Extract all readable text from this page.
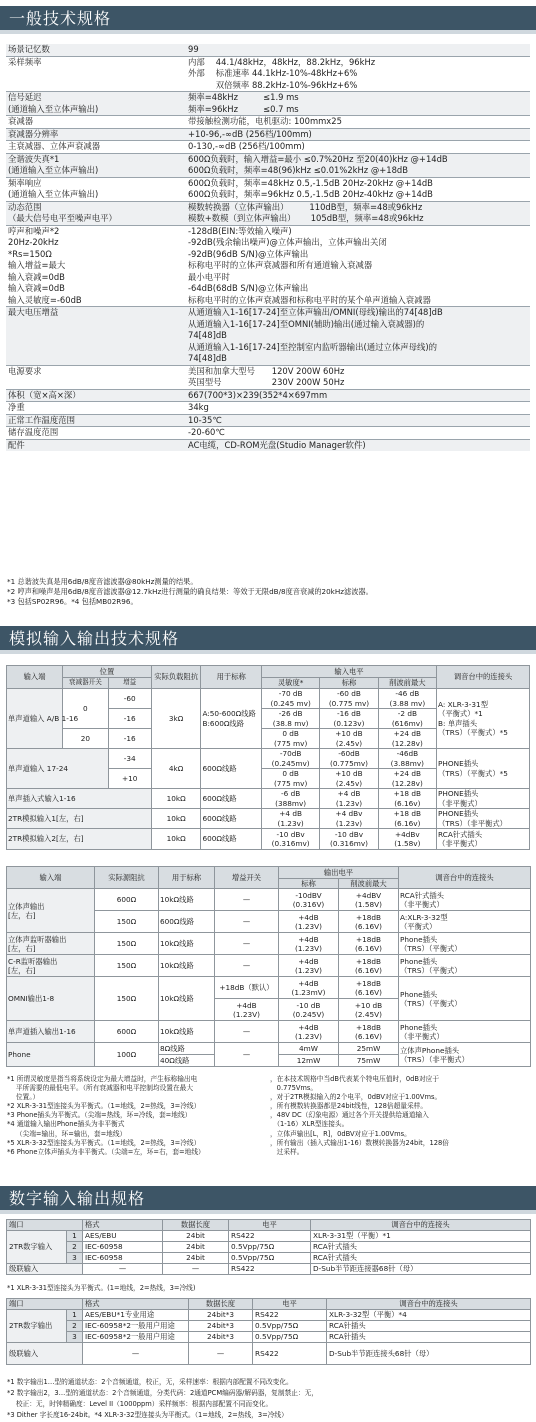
一般技术规格
场景记忆数	99
采样频率	内部　 44.1/48kHz，48kHz，88.2kHz，96kHz
	外部　 标准速率 44.1kHz-10%-48kHz+6%
	　　　 双倍频率 88.2kHz-10%-96kHz+6%
信号延迟	频率=48kHz　　　≤1.9 ms
(通道输入至立体声输出)	频率=96kHz　　　≤0.7 ms
衰减器	带接触检测功能，电机驱动: 100mmx25
衰减器分辨率	+10-96,-∞dB (256档/100mm)
主衰减器、立体声衰减器	0-130,-∞dB (256档/100mm)
全谐波失真*1	600Ω负载时，输入增益=最小 ≤0.7%20Hz 至20(40)kHz @+14dB
(通道输入至立体声输出)	600Ω负载时，频率=48(96)kHz ≤0.01%2kHz @+18dB
频率响应	600Ω负载时，频率=48kHz 0.5,-1.5dB 20Hz-20kHz @+14dB
(通道输入至立体声输出)	600Ω负载时，频率=96kHz 0.5,-1.5dB 20Hz-40kHz @+14dB
动态范围	模数转换器（立体声输出）　　　110dB型，频率=48或96kHz
（最大信号电平至噪声电平）	模数+数模（到立体声输出）　　 105dB型，频率=48或96kHz
哼声和噪声*2	-128dB(EIN:等效输入噪声)
20Hz-20kHz	-92dB(残余输出噪声)@立体声输出，立体声输出关闭
*Rs=150Ω	-92dB(96dB S/N)@立体声输出
输入增益=最大	标称电平时的立体声衰减器和所有通道输入衰减器
输入衰减=0dB	最小电平时
输入衰减=0dB	-64dB(68dB S/N)@立体声输出
输入灵敏度=-60dB	标称电平时的立体声衰减器和标称电平时的某个单声道输入衰减器
最大电压增益	从通道输入1-16[17-24]至立体声输出/OMNI(母线)输出的74[48]dB
	从通道输入1-16[17-24]至OMNI(辅助)输出(通过输入衰减器)的
	74[48]dB
	从通道输入1-16[17-24]至控制室内监听器输出(通过立体声母线)的
	74[48]dB
电源要求	美国和加拿大型号　　120V 200W 60Hz
	英国型号　　　　　　230V 200W 50Hz
体积（宽×高×深）	667(700*3)×239(352*4×697mm
净重	34kg
正常工作温度范围	10-35℃
储存温度范围	-20-60℃
配件	AC电缆，CD-ROM光盘(Studio Manager软件)
*1 总谐波失真是用6dB/8度音滤波器@80kHz测量的结果。
*2 哼声和噪声是用6dB/8度音滤波器@12.7kHz进行测量的确良结果：等效于无限dB/8度音衰减的20kHz滤波器。
*3 包括SP02R96。*4 包括MB02R96。
模拟输入输出技术规格
输入端	位置		实际负载阻抗	用于标称	输入电平			调音台中的连接头
	衰减器开关	增益			灵敏度*	标称	削波前最大	
单声道输入 A/B 1-16	0	-60	3kΩ	A:50-600Ω线路 B:600Ω线路	-70 dB
(0.245 mv)	-60 dB
(0.775 mv)	-46 dB
(3.88 mv)	A: XLR-3-31型
（平衡式）*1
B: 单声插头
（TRS）（平衡式）*5
		-16			-26 dB
(38.8 mv)	-16 dB
(0.123v)	-2 dB
(616mv)	
	20	-16			0 dB
(775 mv)	+10 dB
(2.45v)	+24 dB
(12.28v)	
单声道输入 17-24		-34	4kΩ	600Ω线路	-70dB
(0.245mv)	-60dB
(0.775mv)	-46dB
(3.88mv)	PHONE插头
（TRS）（平衡式）*5
		+10			0 dB
(775 mv)	+10 dB
(2.45v)	+24 dB
(12.28v)	
单声插入式输入1-16			10kΩ	600Ω线路	-6 dB
(388mv)	+4 dB
(1.23v)	+18 dB
(6.16v)	PHONE插头
（非平衡式）
2TR模拟输入1[左，右]			10kΩ	600Ω线路	+4 dB
(1.23v)	+4 dBv
(1.23v)	+18 dB
(6.16v)	PHONE插头
（TRS）（非平衡式）
2TR模拟输入2[左，右]			10kΩ	600Ω线路	-10 dBv
(0.316mv)	-10 dBv
(0.316mv)	+4dBv
(1.58v)	RCA针式插头
（非平衡式）
输入端	实际源阻抗	用于标称	增益开关	输出电平		调音台中的连接头
				标称	削波前最大	
立体声输出
[左，右]	600Ω	10kΩ线路	—	-10dBV
(0.316V)	+4dBV
(1.58V)	RCA针式插头
（非平衡式）
	150Ω	600Ω线路	—	+4dB
(1.23V)	+18dB
(6.16V)	A:XLR-3-32型
（平衡式）
立体声监听器输出
[左，右]	150Ω	10kΩ线路	—	+4dB
(1.23V)	+18dB
(6.16V)	Phone插头
（TRS）（平衡式）
C-R监听器输出
[左，右]	150Ω	10kΩ线路	—	+4dB
(1.23V)	+18dB
(6.16V)	Phone插头
（TRS）（平衡式）
OMNI输出1-8	150Ω	10kΩ线路	+18dB（默认）	+4dB
(1.23mV)	+18dB
(6.16V)	Phone插头
（TRS）（平衡式）
			+4dB
(1.23V)	-10 dB
(0.245V)	+10 dB
(2.45V)	
单声道插入输出1-16	600Ω	10kΩ线路	—	+4dB
(1.23V)	+18dB
(6.16V)	Phone插头
（非平衡式）
Phone	100Ω	8Ω线路	—	4mW	25mW	立体声Phone插头
（TRS）（非平衡式）
		40Ω线路		12mW	75mW	
*1 所谓灵敏度是指当将系统设定为最大增益时，产生标称输出电
　 平所需要的最低电平。（所有衰减器和电平控制均设置在最大
　 位置。）
*2 XLR-3-31型连接头为平衡式。（1=地线，2=热线，3=冷线）
*3 Phone插头为平衡式。（尖端=热线，环=冷线，套=地线）
*4 通道输入输出Phone插头为非平衡式
　 （尖端=输出，环=输出，套=地线）
*5 XLR-3-32型连接头为平衡式。（1=地线，2=热线，3=冷线）
*6 Phone立体声插头为非平衡式。（尖端=左，环=右，套=地线）
，在本技术规格中当dB代表某个特电压值时，0dB对应于
　0.775Vms。
，对于2TR模拟输入的2个电平，0dBV对应于1.00Vms。
，所有模数转换器都是24bit线性，128倍超量采样。
，48V DC（幻象电源）通过各个开关提供给通道输入
　（1-16）XLR型连接头。
，立体声输出[L，R]，0dBV对应于1.00Vms。
，所有输出（插入式输出1-16）数模转换器为24bit，128倍
　过采样。
数字输入输出规格
端口		格式	数据长度	电平	调音台中的连接头
2TR数字输入	1	AES/EBU	24bit	RS422	XLR-3-31型（平衡）*1
	2	IEC-60958	24bit	0.5Vpp/75Ω	RCA针式插头
	3	IEC-60958	24bit	0.5Vpp/75Ω	RCA针式插头
级联输入		—	—	RS422	D-Sub半节距连接器68针（母）
*1 XLR-3-31型连接头为平衡式。(1=地线，2=热线，3=冷线)
端口		格式	数据长度	电平	调音台中的连接头
2TR数字输出	1	AES/EBU*1专业用途	24bit*3	RS422	XLR-3-32型（平衡）*4
	2	IEC-60958*2一般用户用途	24bit*3	0.5Vpp/75Ω	RCA针插头
	3	IEC-60958*2一般用户用途	24bit*3	0.5Vpp/75Ω	RCA针插头
级联输入		—	—	RS422	D-Sub半节距连接头68针（母）
*1 数字输出1…型的通道状态：2个音频通道，校正，无，采样速率：根据内部配置不同改变化。
*2 数字输出2，3…型的通道状态：2个音频通道，分类代码：2通道PCM编码器/解码器，复制禁止：无，
　 校正：无，时钟精确度：Level II（1000ppm）采样频率：根据内部配置不同而变化。
*3 Dither 字长度16-24bit。*4 XLR-3-32型连接头为平衡式。（1=地线，2=热线，3=冷线）
